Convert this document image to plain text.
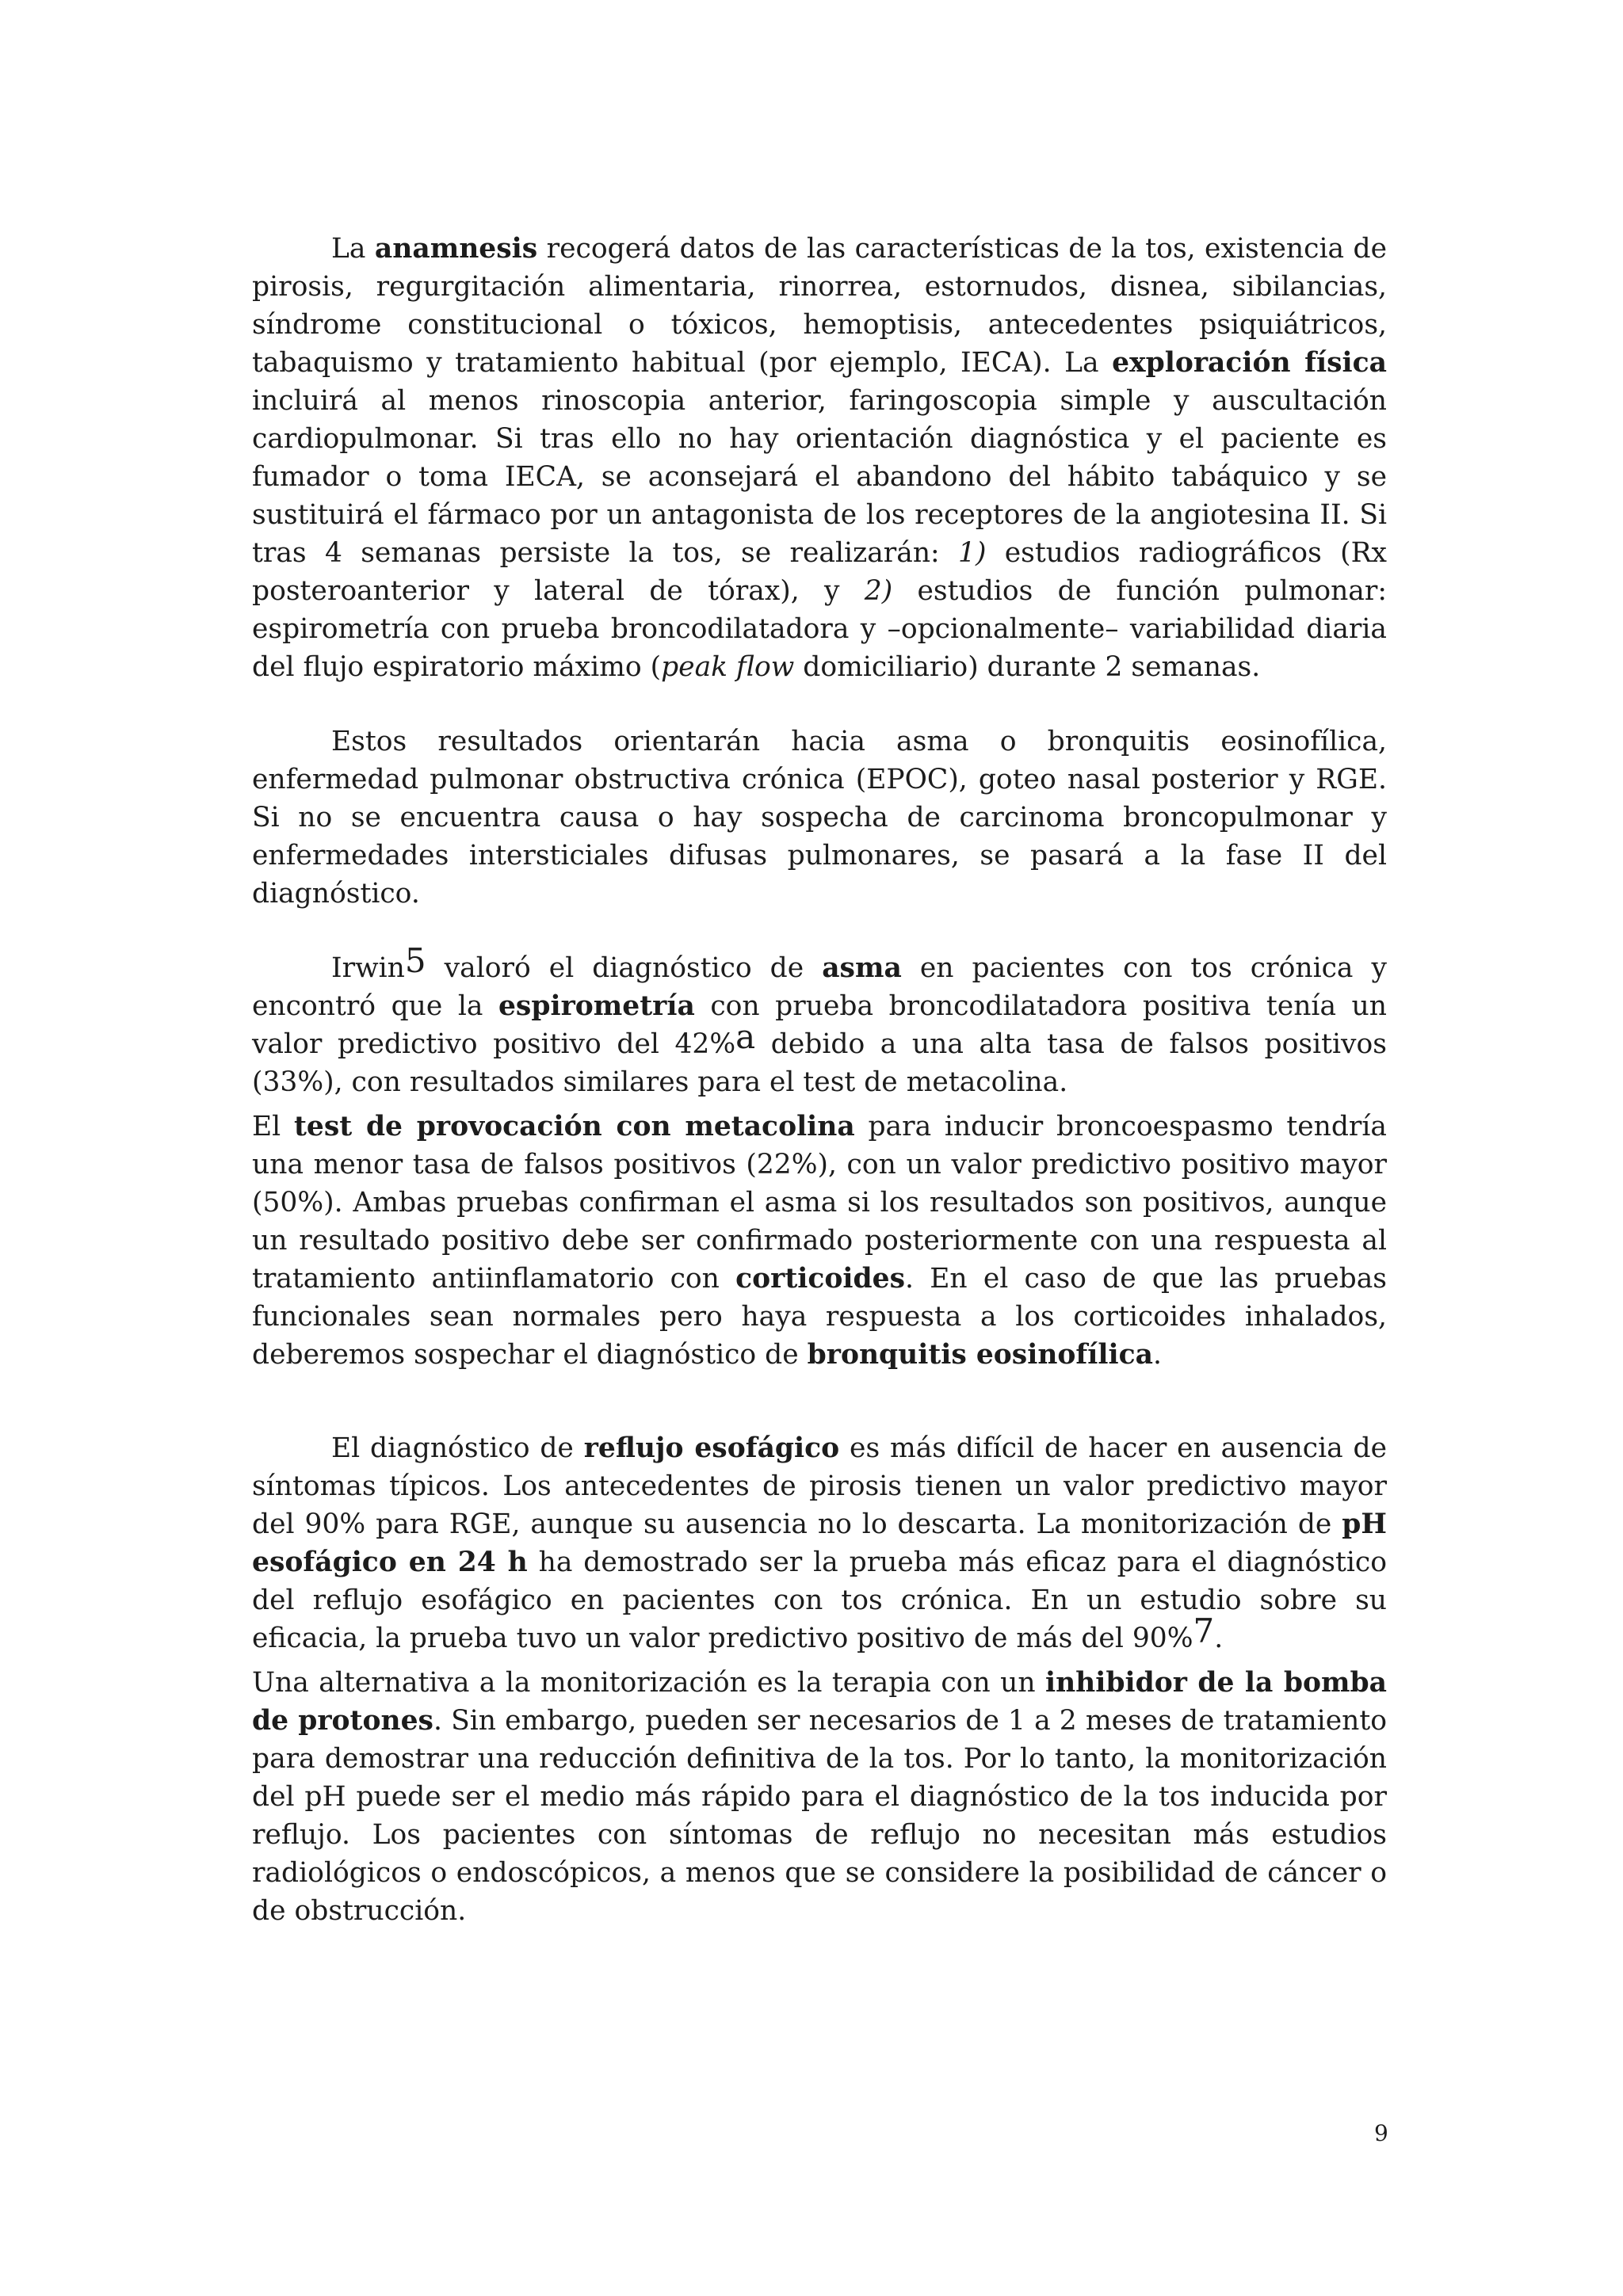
La anamnesis recogerá datos de las características de la tos, existencia de pirosis, regurgitación alimentaria, rinorrea, estornudos, disnea, sibilancias, síndrome constitucional o tóxicos, hemoptisis, antecedentes psiquiátricos, tabaquismo y tratamiento habitual (por ejemplo, IECA). La exploración física incluirá al menos rinoscopia anterior, faringoscopia simple y auscultación cardiopulmonar. Si tras ello no hay orientación diagnóstica y el paciente es fumador o toma IECA, se aconsejará el abandono del hábito tabáquico y se sustituirá el fármaco por un antagonista de los receptores de la angiotesina II. Si tras 4 semanas persiste la tos, se realizarán: 1) estudios radiográficos (Rx posteroanterior y lateral de tórax), y 2) estudios de función pulmonar: espirometría con prueba broncodilatadora y –opcionalmente– variabilidad diaria del flujo espiratorio máximo (peak flow domiciliario) durante 2 semanas.

Estos resultados orientarán hacia asma o bronquitis eosinofílica, enfermedad pulmonar obstructiva crónica (EPOC), goteo nasal posterior y RGE. Si no se encuentra causa o hay sospecha de carcinoma broncopulmonar y enfermedades intersticiales difusas pulmonares, se pasará a la fase II del diagnóstico.

Irwin5 valoró el diagnóstico de asma en pacientes con tos crónica y encontró que la espirometría con prueba broncodilatadora positiva tenía un valor predictivo positivo del 42%a debido a una alta tasa de falsos positivos (33%), con resultados similares para el test de metacolina.

El test de provocación con metacolina para inducir broncoespasmo tendría una menor tasa de falsos positivos (22%), con un valor predictivo positivo mayor (50%). Ambas pruebas confirman el asma si los resultados son positivos, aunque un resultado positivo debe ser confirmado posteriormente con una respuesta al tratamiento antiinflamatorio con corticoides. En el caso de que las pruebas funcionales sean normales pero haya respuesta a los corticoides inhalados, deberemos sospechar el diagnóstico de bronquitis eosinofílica.

El diagnóstico de reflujo esofágico es más difícil de hacer en ausencia de síntomas típicos. Los antecedentes de pirosis tienen un valor predictivo mayor del 90% para RGE, aunque su ausencia no lo descarta. La monitorización de pH esofágico en 24 h ha demostrado ser la prueba más eficaz para el diagnóstico del reflujo esofágico en pacientes con tos crónica. En un estudio sobre su eficacia, la prueba tuvo un valor predictivo positivo de más del 90%7.

Una alternativa a la monitorización es la terapia con un inhibidor de la bomba de protones. Sin embargo, pueden ser necesarios de 1 a 2 meses de tratamiento para demostrar una reducción definitiva de la tos. Por lo tanto, la monitorización del pH puede ser el medio más rápido para el diagnóstico de la tos inducida por reflujo. Los pacientes con síntomas de reflujo no necesitan más estudios radiológicos o endoscópicos, a menos que se considere la posibilidad de cáncer o de obstrucción.

9
